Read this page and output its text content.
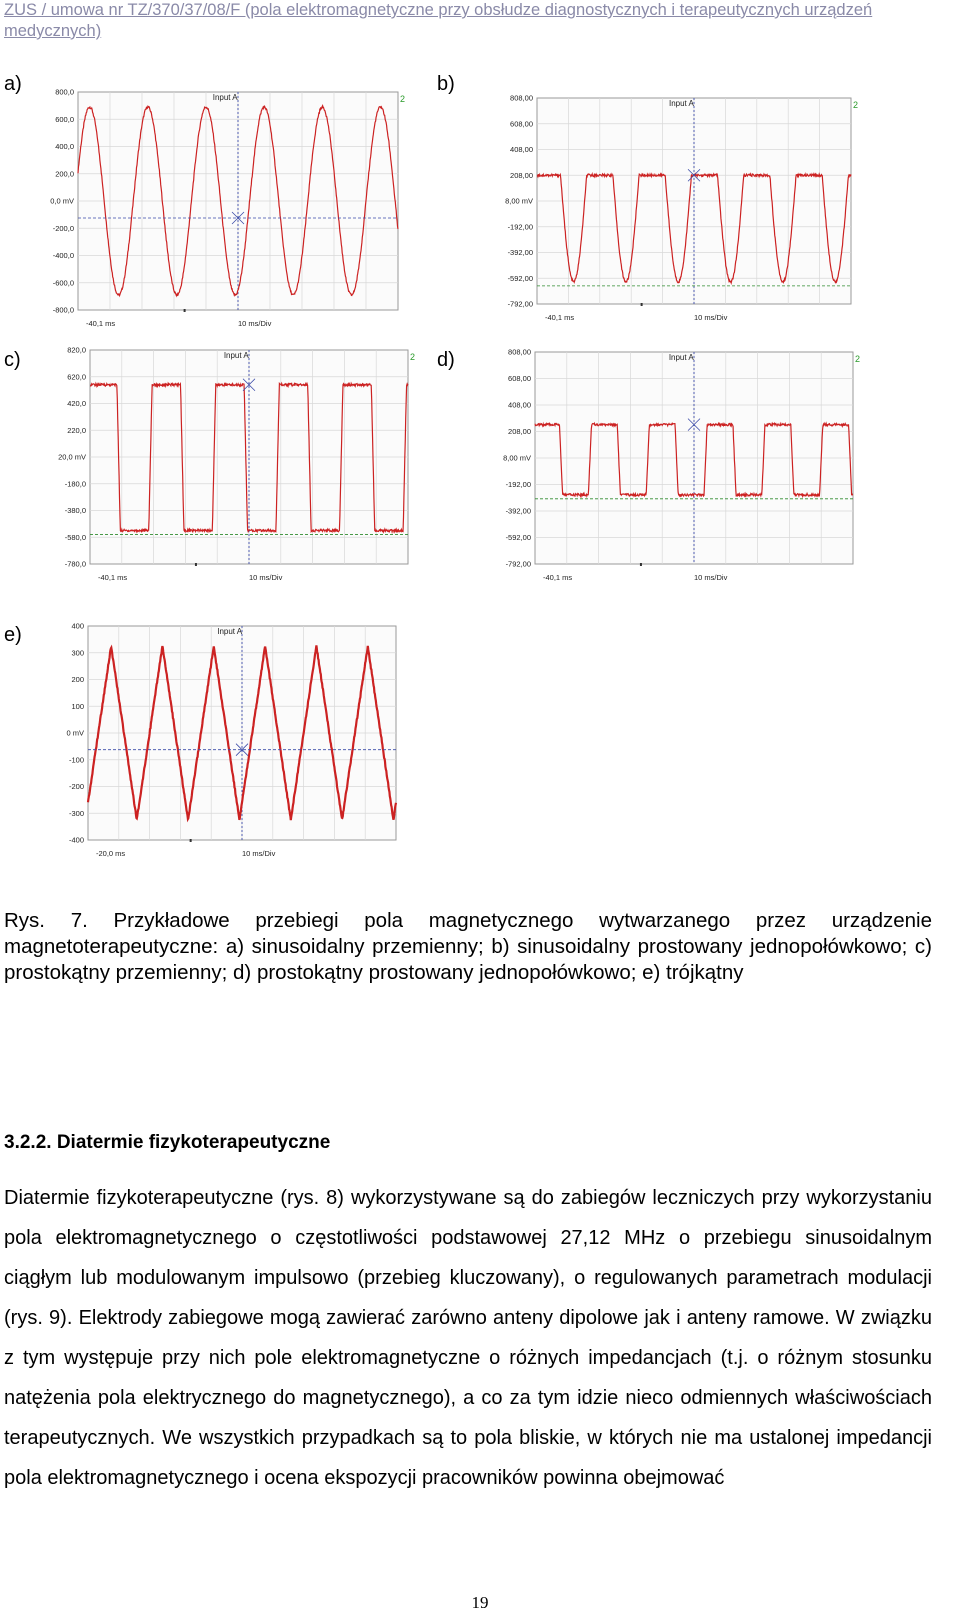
ZUS / umowa nr TZ/370/37/08/F (pola elektromagnetyczne przy obsłudze diagnostycznych i terapeutycznych urządzeń medycznych)
a)	b)
c)	d)
e)
800,0
600,0
400,0
200,0
0,0 mV
-200,0
-400,0
-600,0
-800,0
Input A	2
-40,1 ms	10 ms/Div
808,00
608,00
408,00
208,00
8,00 mV
-192,00
-392,00
-592,00
-792,00
Input A	2
-40,1 ms	10 ms/Div
820,0
620,0
420,0
220,0
20,0 mV
-180,0
-380,0
-580,0
-780,0
Input A	2
-40,1 ms	10 ms/Div
808,00
608,00
408,00
208,00
8,00 mV
-192,00
-392,00
-592,00
-792,00
Input A	2
-40,1 ms	10 ms/Div
400
300
200
100
0 mV
-100
-200
-300
-400
Input A
-20,0 ms	10 ms/Div
Rys. 7. Przykładowe przebiegi pola magnetycznego wytwarzanego przez urządzenie magnetoterapeutyczne: a) sinusoidalny przemienny; b) sinusoidalny prostowany jednopołówkowo; c) prostokątny przemienny; d) prostokątny prostowany jednopołówkowo; e) trójkątny
3.2.2. Diatermie fizykoterapeutyczne
Diatermie fizykoterapeutyczne (rys. 8) wykorzystywane są do zabiegów leczniczych przy wykorzystaniu pola elektromagnetycznego o częstotliwości podstawowej 27,12 MHz o przebiegu sinusoidalnym ciągłym lub modulowanym impulsowo (przebieg kluczowany), o regulowanych parametrach modulacji (rys. 9). Elektrody zabiegowe mogą zawierać zarówno anteny dipolowe jak i anteny ramowe. W związku z tym występuje przy nich pole elektromagnetyczne o różnych impedancjach (t.j. o różnym stosunku natężenia pola elektrycznego do magnetycznego), a co za tym idzie nieco odmiennych właściwościach terapeutycznych. We wszystkich przypadkach są to pola bliskie, w których nie ma ustalonej impedancji pola elektromagnetycznego i ocena ekspozycji pracowników powinna obejmować
19
